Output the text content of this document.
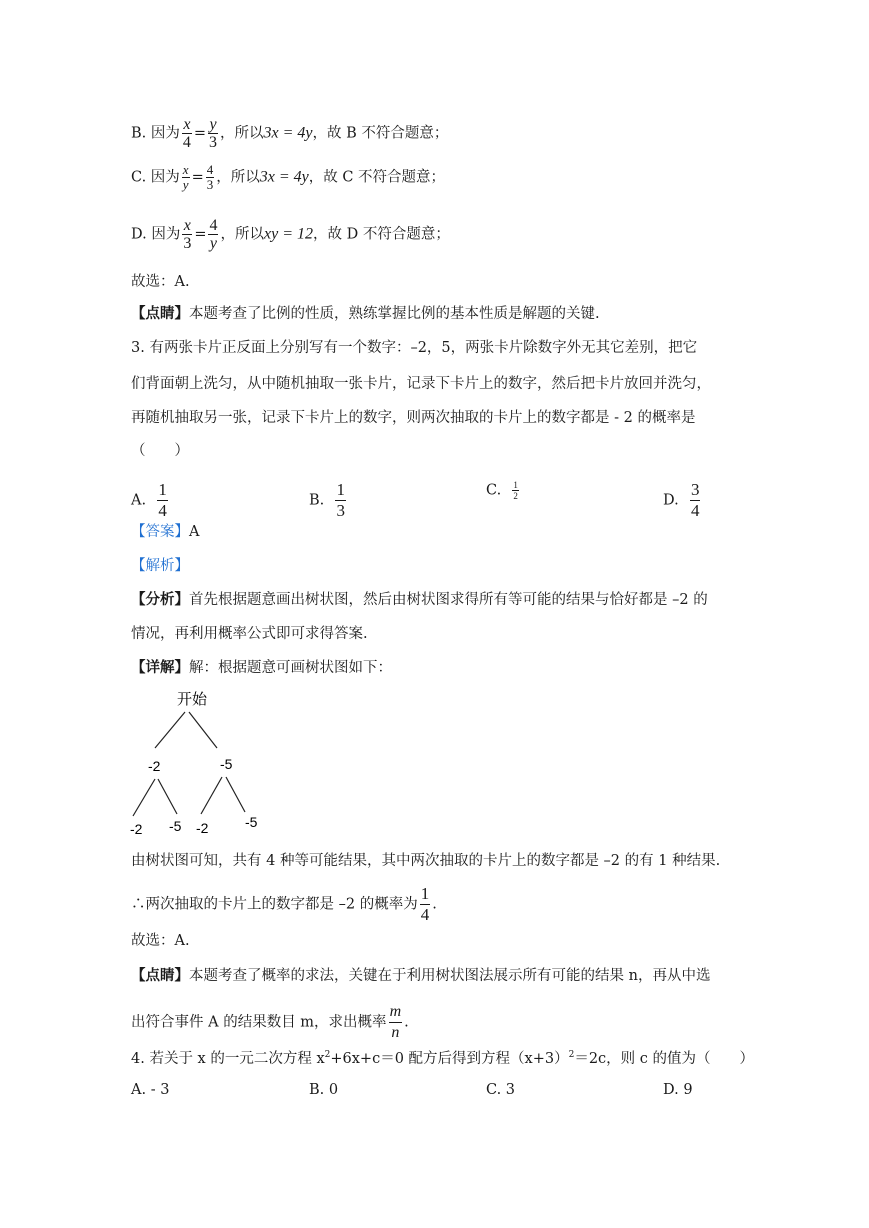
B. 因为 $\frac{x}{4} = \frac{y}{3}$ ，所以3x = 4y，故 B 不符合题意；
C. 因为 $\frac{x}{y} = \frac{4}{3}$ ，所以3x = 4y，故 C 不符合题意；
D. 因为 $\frac{x}{3} = \frac{4}{y}$ ，所以xy = 12，故 D 不符合题意；
故选：A.
【点睛】本题考查了比例的性质，熟练掌握比例的基本性质是解题的关键.
3. 有两张卡片正反面上分别写有一个数字：–2，5，两张卡片除数字外无其它差别，把它
们背面朝上洗匀，从中随机抽取一张卡片，记录下卡片上的数字，然后把卡片放回并洗匀，
再随机抽取另一张，记录下卡片上的数字，则两次抽取的卡片上的数字都是 - 2 的概率是
（　　）
A. $\frac{1}{4}$	B. $\frac{1}{3}$	C. $\frac{1}{2}$	D. $\frac{3}{4}$
【答案】A
【解析】
【分析】首先根据题意画出树状图，然后由树状图求得所有等可能的结果与恰好都是 –2 的
情况，再利用概率公式即可求得答案.
【详解】解：根据题意可画树状图如下：
开始
-2	-5
-2 -5 -2	-5
由树状图可知，共有 4 种等可能结果，其中两次抽取的卡片上的数字都是 –2 的有 1 种结果.
∴两次抽取的卡片上的数字都是 –2 的概率为 $\frac{1}{4}$ .
故选：A.
【点睛】本题考查了概率的求法，关键在于利用树状图法展示所有可能的结果 n，再从中选
出符合事件 A 的结果数目 m，求出概率 $\frac{m}{n}$ .
4. 若关于 x 的一元二次方程 $x^2+6x+c=0$ 配方后得到方程$(x+3)^2=2c$，则 c 的值为（　　）
A. - 3	B. 0	C. 3	D. 9
